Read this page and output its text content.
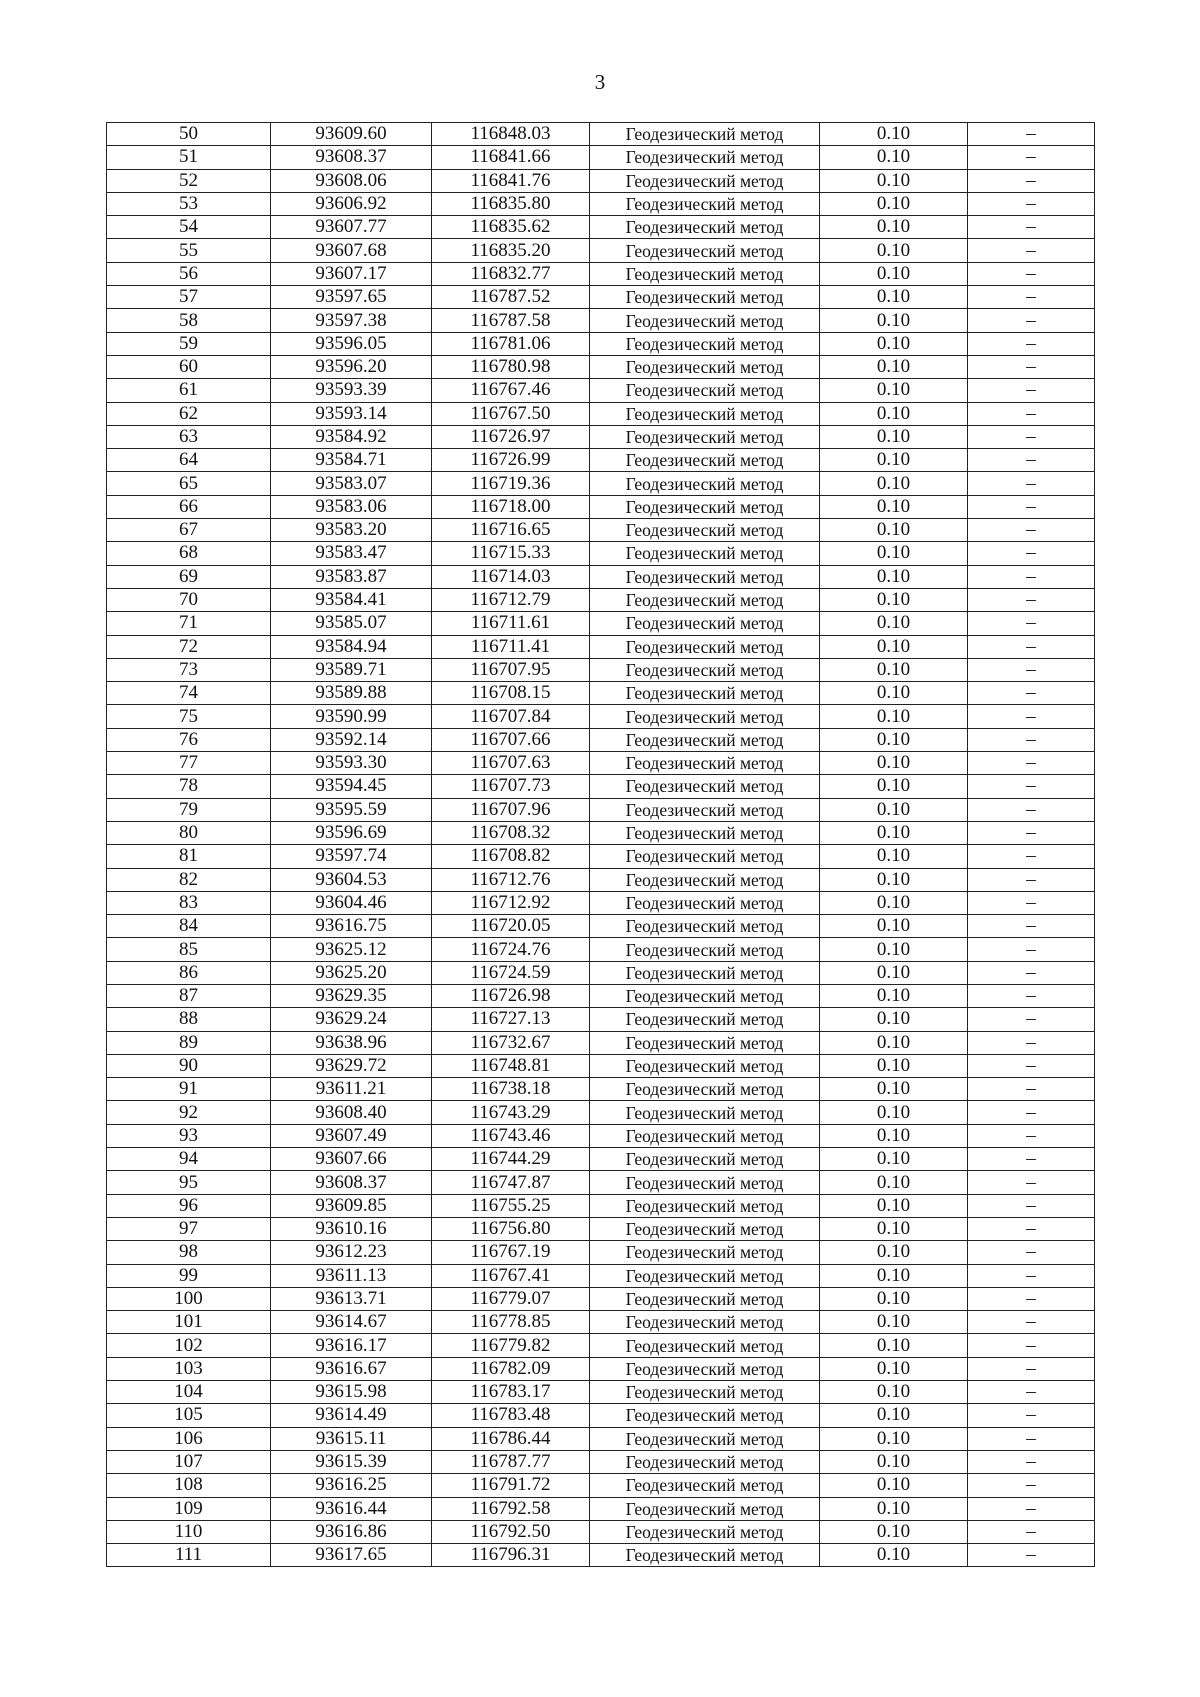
3
50	93609.60	116848.03	Геодезический метод	0.10	–
51	93608.37	116841.66	Геодезический метод	0.10	–
52	93608.06	116841.76	Геодезический метод	0.10	–
53	93606.92	116835.80	Геодезический метод	0.10	–
54	93607.77	116835.62	Геодезический метод	0.10	–
55	93607.68	116835.20	Геодезический метод	0.10	–
56	93607.17	116832.77	Геодезический метод	0.10	–
57	93597.65	116787.52	Геодезический метод	0.10	–
58	93597.38	116787.58	Геодезический метод	0.10	–
59	93596.05	116781.06	Геодезический метод	0.10	–
60	93596.20	116780.98	Геодезический метод	0.10	–
61	93593.39	116767.46	Геодезический метод	0.10	–
62	93593.14	116767.50	Геодезический метод	0.10	–
63	93584.92	116726.97	Геодезический метод	0.10	–
64	93584.71	116726.99	Геодезический метод	0.10	–
65	93583.07	116719.36	Геодезический метод	0.10	–
66	93583.06	116718.00	Геодезический метод	0.10	–
67	93583.20	116716.65	Геодезический метод	0.10	–
68	93583.47	116715.33	Геодезический метод	0.10	–
69	93583.87	116714.03	Геодезический метод	0.10	–
70	93584.41	116712.79	Геодезический метод	0.10	–
71	93585.07	116711.61	Геодезический метод	0.10	–
72	93584.94	116711.41	Геодезический метод	0.10	–
73	93589.71	116707.95	Геодезический метод	0.10	–
74	93589.88	116708.15	Геодезический метод	0.10	–
75	93590.99	116707.84	Геодезический метод	0.10	–
76	93592.14	116707.66	Геодезический метод	0.10	–
77	93593.30	116707.63	Геодезический метод	0.10	–
78	93594.45	116707.73	Геодезический метод	0.10	–
79	93595.59	116707.96	Геодезический метод	0.10	–
80	93596.69	116708.32	Геодезический метод	0.10	–
81	93597.74	116708.82	Геодезический метод	0.10	–
82	93604.53	116712.76	Геодезический метод	0.10	–
83	93604.46	116712.92	Геодезический метод	0.10	–
84	93616.75	116720.05	Геодезический метод	0.10	–
85	93625.12	116724.76	Геодезический метод	0.10	–
86	93625.20	116724.59	Геодезический метод	0.10	–
87	93629.35	116726.98	Геодезический метод	0.10	–
88	93629.24	116727.13	Геодезический метод	0.10	–
89	93638.96	116732.67	Геодезический метод	0.10	–
90	93629.72	116748.81	Геодезический метод	0.10	–
91	93611.21	116738.18	Геодезический метод	0.10	–
92	93608.40	116743.29	Геодезический метод	0.10	–
93	93607.49	116743.46	Геодезический метод	0.10	–
94	93607.66	116744.29	Геодезический метод	0.10	–
95	93608.37	116747.87	Геодезический метод	0.10	–
96	93609.85	116755.25	Геодезический метод	0.10	–
97	93610.16	116756.80	Геодезический метод	0.10	–
98	93612.23	116767.19	Геодезический метод	0.10	–
99	93611.13	116767.41	Геодезический метод	0.10	–
100	93613.71	116779.07	Геодезический метод	0.10	–
101	93614.67	116778.85	Геодезический метод	0.10	–
102	93616.17	116779.82	Геодезический метод	0.10	–
103	93616.67	116782.09	Геодезический метод	0.10	–
104	93615.98	116783.17	Геодезический метод	0.10	–
105	93614.49	116783.48	Геодезический метод	0.10	–
106	93615.11	116786.44	Геодезический метод	0.10	–
107	93615.39	116787.77	Геодезический метод	0.10	–
108	93616.25	116791.72	Геодезический метод	0.10	–
109	93616.44	116792.58	Геодезический метод	0.10	–
110	93616.86	116792.50	Геодезический метод	0.10	–
111	93617.65	116796.31	Геодезический метод	0.10	–
